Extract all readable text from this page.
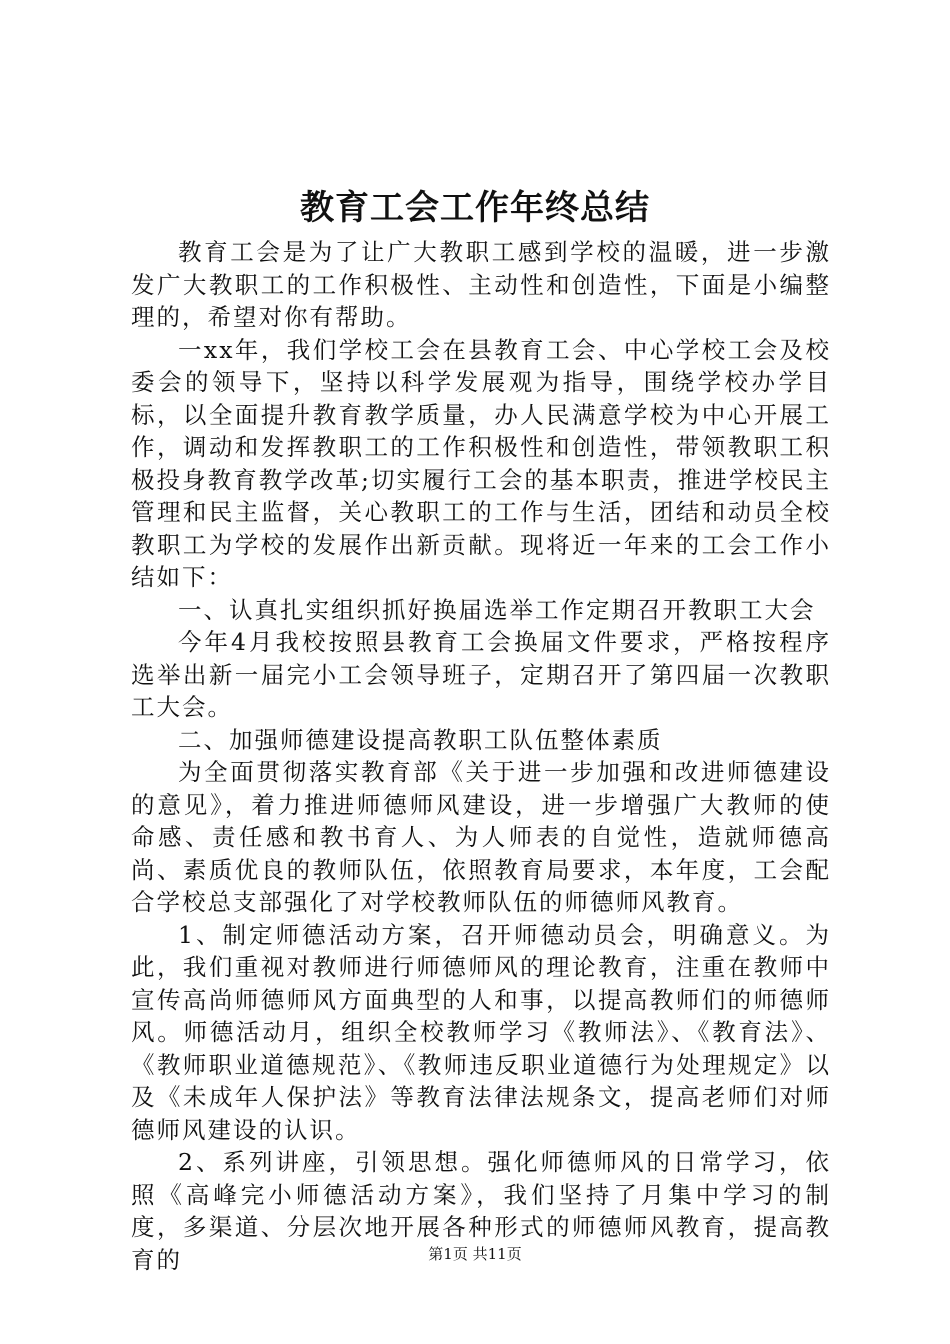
教育工会工作年终总结

教育工会是为了让广大教职工感到学校的温暖，进一步激发广大教职工的工作积极性、主动性和创造性，下面是小编整理的，希望对你有帮助。

一xx年，我们学校工会在县教育工会、中心学校工会及校委会的领导下，坚持以科学发展观为指导，围绕学校办学目标，以全面提升教育教学质量，办人民满意学校为中心开展工作，调动和发挥教职工的工作积极性和创造性，带领教职工积极投身教育教学改革;切实履行工会的基本职责，推进学校民主管理和民主监督，关心教职工的工作与生活，团结和动员全校教职工为学校的发展作出新贡献。现将近一年来的工会工作小结如下：

一、认真扎实组织抓好换届选举工作定期召开教职工大会

今年4月我校按照县教育工会换届文件要求，严格按程序选举出新一届完小工会领导班子，定期召开了第四届一次教职工大会。

二、加强师德建设提高教职工队伍整体素质

为全面贯彻落实教育部《关于进一步加强和改进师德建设的意见》，着力推进师德师风建设，进一步增强广大教师的使命感、责任感和教书育人、为人师表的自觉性，造就师德高尚、素质优良的教师队伍，依照教育局要求，本年度，工会配合学校总支部强化了对学校教师队伍的师德师风教育。

1、制定师德活动方案，召开师德动员会，明确意义。为此，我们重视对教师进行师德师风的理论教育，注重在教师中宣传高尚师德师风方面典型的人和事，以提高教师们的师德师风。师德活动月，组织全校教师学习《教师法》、《教育法》、《教师职业道德规范》、《教师违反职业道德行为处理规定》以及《未成年人保护法》等教育法律法规条文，提高老师们对师德师风建设的认识。

2、系列讲座，引领思想。强化师德师风的日常学习，依照《高峰完小师德活动方案》，我们坚持了月集中学习的制度，多渠道、分层次地开展各种形式的师德师风教育，提高教育的	第1页 共11页
